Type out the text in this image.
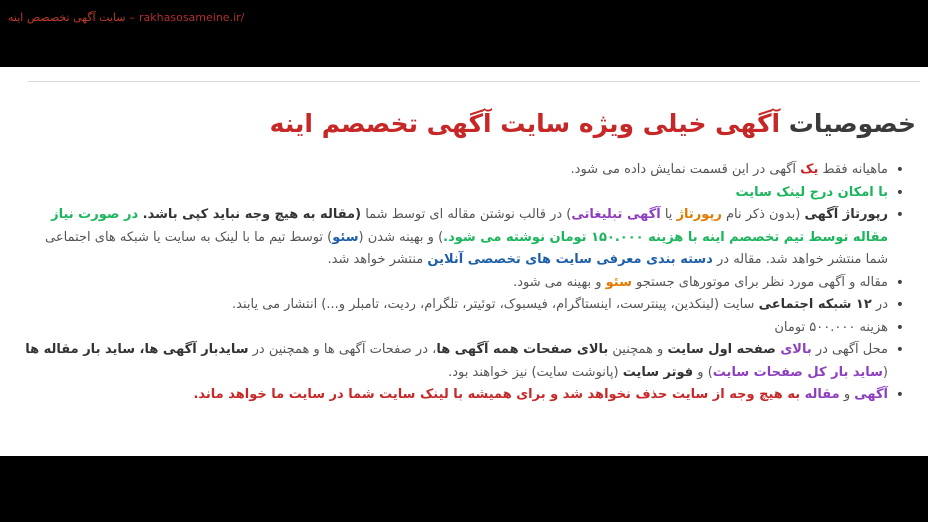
سایت آگهی تخصصص اینه – rakhasosameine.ir/
خصوصیات آگهی خیلی ویژه سایت آگهی تخصصم اینه
•
ماهیانه فقط یک آگهی در این قسمت نمایش داده می شود.
•
با امکان درج لینک سایت
•
رپورتاژ آگهی (بدون ذکر نام رپورتاژ یا آگهی تبلیغاتی) در قالب نوشتن مقاله ای توسط شما (مقاله به هیچ وجه نباید کپی باشد. در صورت نیاز مقاله توسط تیم تخصصم اینه با هزینه ۱۵۰.۰۰۰ تومان نوشته می شود.) و بهینه شدن (سئو) توسط تیم ما با لینک به سایت یا شبکه های اجتماعی شما منتشر خواهد شد. مقاله در دسته بندی معرفی سایت های تخصصی آنلاین منتشر خواهد شد.
•
مقاله و آگهی مورد نظر برای موتورهای جستجو سئو و بهینه می شود.
•
در ۱۲ شبکه اجتماعی سایت (لینکدین، پینترست، اینستاگرام، فیسبوک، توئیتر، تلگرام، ردیت، تامبلر و...) انتشار می یابند.
•
هزینه ۵۰۰.۰۰۰ تومان
•
محل آگهی در بالای صفحه اول سایت و همچنین بالای صفحات همه آگهی ها، در صفحات آگهی ها و همچنین در سایدبار آگهی ها، ساید بار مقاله ها (ساید بار کل صفحات سایت) و فوتر سایت (پانوشت سایت) نیز خواهند بود.
•
آگهی و مقاله به هیچ وجه از سایت حذف نخواهد شد و برای همیشه با لینک سایت شما در سایت ما خواهد ماند.
